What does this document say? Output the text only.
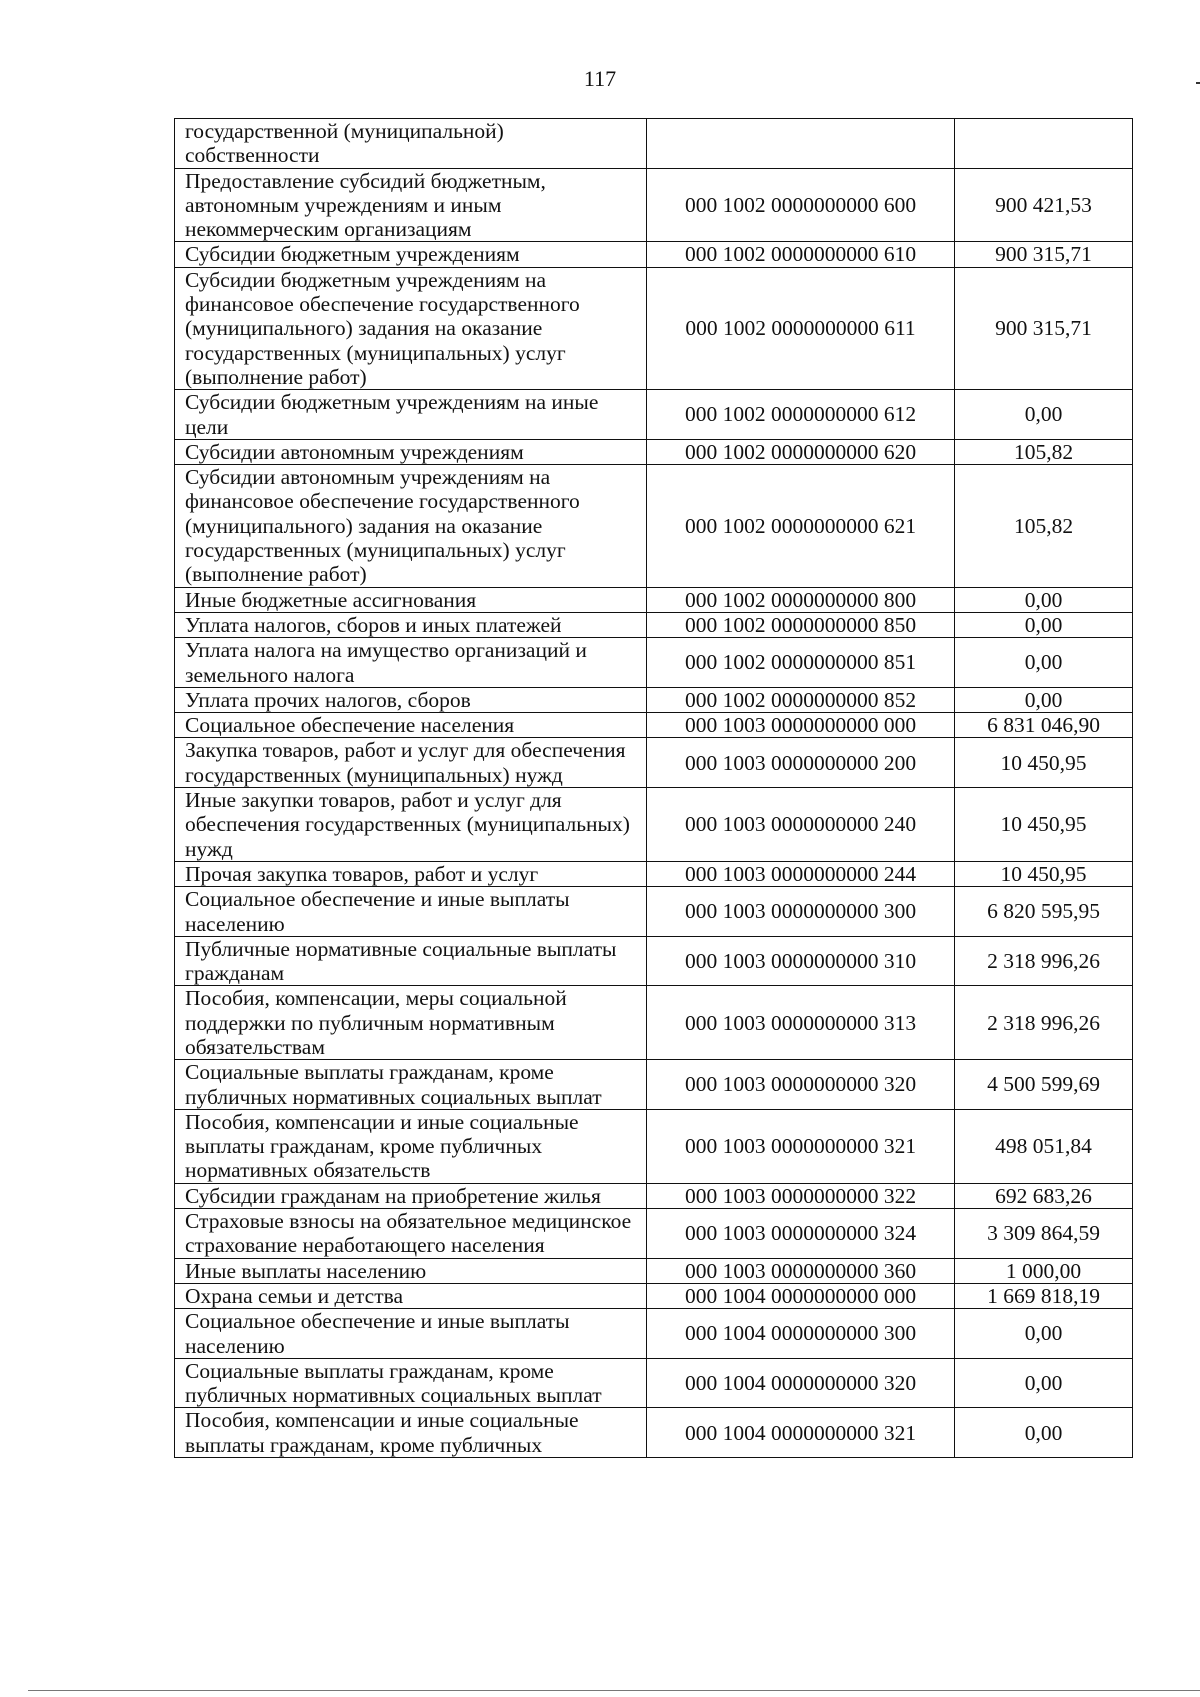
117
государственной (муниципальной) собственности		
Предоставление субсидий бюджетным, автономным учреждениям и иным некоммерческим организациям	000 1002 0000000000 600	900 421,53
Субсидии бюджетным учреждениям	000 1002 0000000000 610	900 315,71
Субсидии бюджетным учреждениям на финансовое обеспечение государственного (муниципального) задания на оказание государственных (муниципальных) услуг (выполнение работ)	000 1002 0000000000 611	900 315,71
Субсидии бюджетным учреждениям на иные цели	000 1002 0000000000 612	0,00
Субсидии автономным учреждениям	000 1002 0000000000 620	105,82
Субсидии автономным учреждениям на финансовое обеспечение государственного (муниципального) задания на оказание государственных (муниципальных) услуг (выполнение работ)	000 1002 0000000000 621	105,82
Иные бюджетные ассигнования	000 1002 0000000000 800	0,00
Уплата налогов, сборов и иных платежей	000 1002 0000000000 850	0,00
Уплата налога на имущество организаций и земельного налога	000 1002 0000000000 851	0,00
Уплата прочих налогов, сборов	000 1002 0000000000 852	0,00
Социальное обеспечение населения	000 1003 0000000000 000	6 831 046,90
Закупка товаров, работ и услуг для обеспечения государственных (муниципальных) нужд	000 1003 0000000000 200	10 450,95
Иные закупки товаров, работ и услуг для обеспечения государственных (муниципальных) нужд	000 1003 0000000000 240	10 450,95
Прочая закупка товаров, работ и услуг	000 1003 0000000000 244	10 450,95
Социальное обеспечение и иные выплаты населению	000 1003 0000000000 300	6 820 595,95
Публичные нормативные социальные выплаты гражданам	000 1003 0000000000 310	2 318 996,26
Пособия, компенсации, меры социальной поддержки по публичным нормативным обязательствам	000 1003 0000000000 313	2 318 996,26
Социальные выплаты гражданам, кроме публичных нормативных социальных выплат	000 1003 0000000000 320	4 500 599,69
Пособия, компенсации и иные социальные выплаты гражданам, кроме публичных нормативных обязательств	000 1003 0000000000 321	498 051,84
Субсидии гражданам на приобретение жилья	000 1003 0000000000 322	692 683,26
Страховые взносы на обязательное медицинское страхование неработающего населения	000 1003 0000000000 324	3 309 864,59
Иные выплаты населению	000 1003 0000000000 360	1 000,00
Охрана семьи и детства	000 1004 0000000000 000	1 669 818,19
Социальное обеспечение и иные выплаты населению	000 1004 0000000000 300	0,00
Социальные выплаты гражданам, кроме публичных нормативных социальных выплат	000 1004 0000000000 320	0,00
Пособия, компенсации и иные социальные выплаты гражданам, кроме публичных	000 1004 0000000000 321	0,00
